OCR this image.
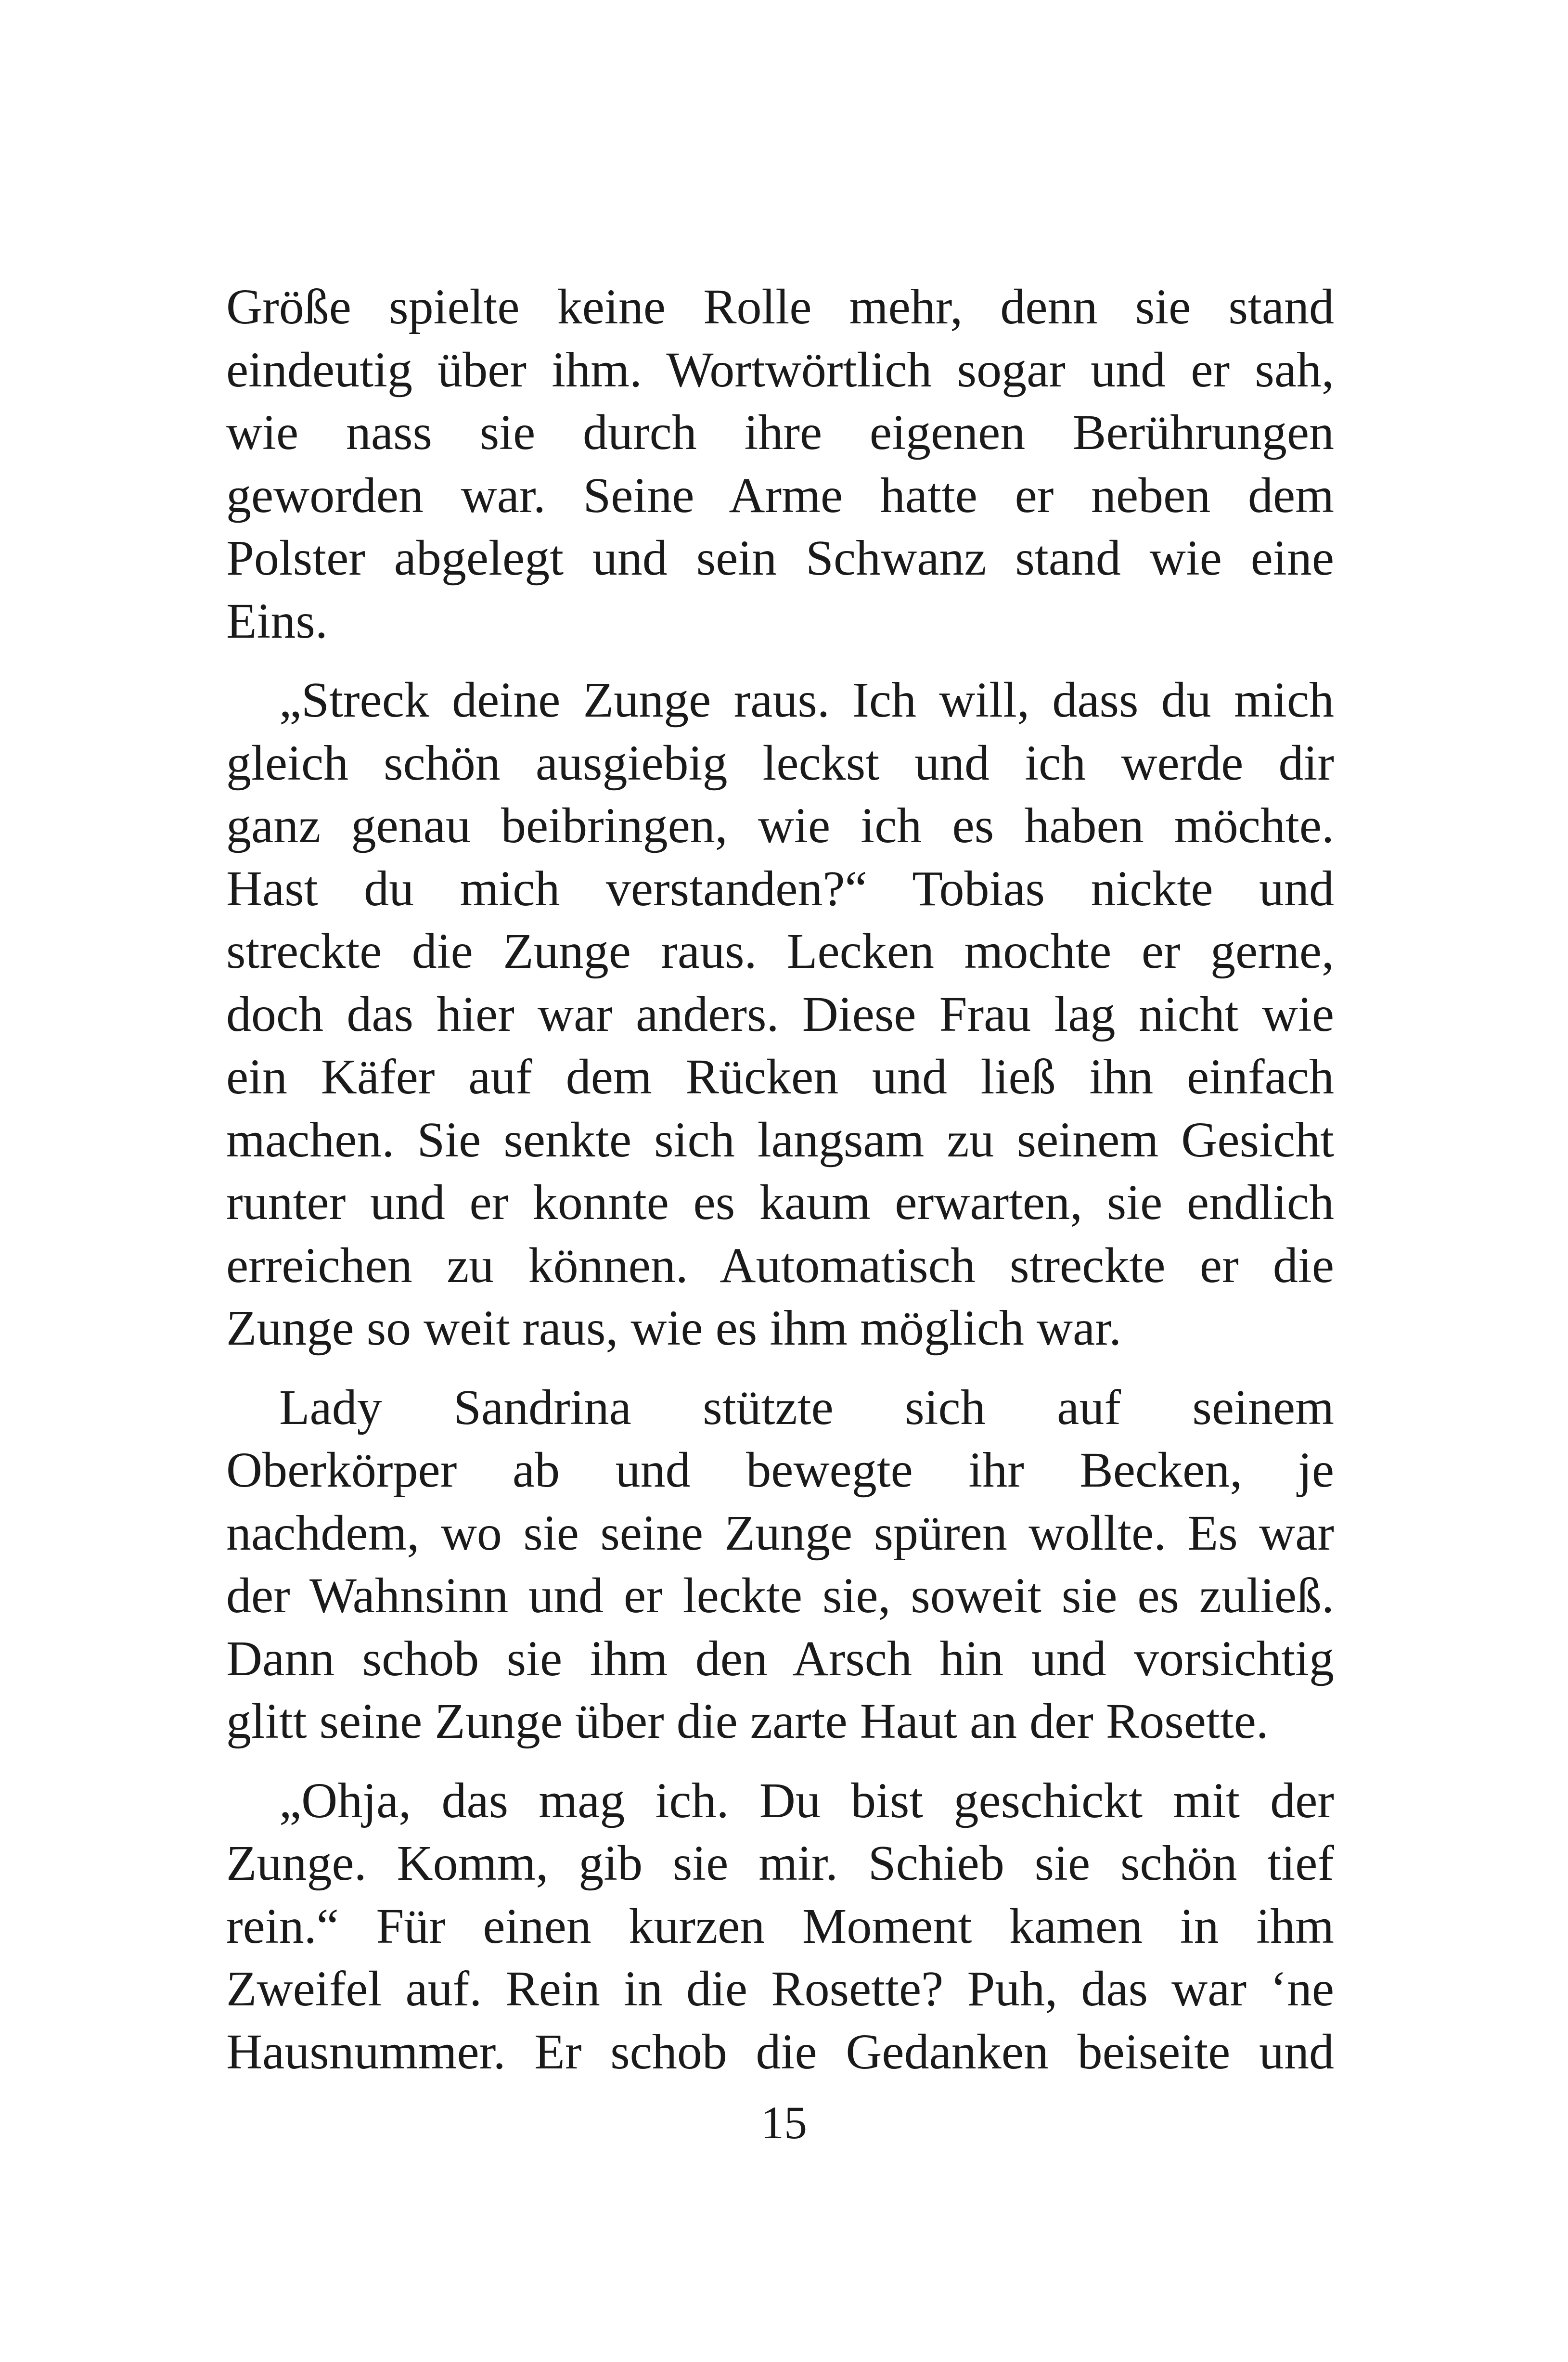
Größe spielte keine Rolle mehr, denn sie stand
eindeutig über ihm. Wortwörtlich sogar und er sah,
wie nass sie durch ihre eigenen Berührungen
geworden war. Seine Arme hatte er neben dem
Polster abgelegt und sein Schwanz stand wie eine
Eins.
„Streck deine Zunge raus. Ich will, dass du mich
gleich schön ausgiebig leckst und ich werde dir
ganz genau beibringen, wie ich es haben möchte.
Hast du mich verstanden?“ Tobias nickte und
streckte die Zunge raus. Lecken mochte er gerne,
doch das hier war anders. Diese Frau lag nicht wie
ein Käfer auf dem Rücken und ließ ihn einfach
machen. Sie senkte sich langsam zu seinem Gesicht
runter und er konnte es kaum erwarten, sie endlich
erreichen zu können. Automatisch streckte er die
Zunge so weit raus, wie es ihm möglich war.
Lady Sandrina stützte sich auf seinem
Oberkörper ab und bewegte ihr Becken, je
nachdem, wo sie seine Zunge spüren wollte. Es war
der Wahnsinn und er leckte sie, soweit sie es zuließ.
Dann schob sie ihm den Arsch hin und vorsichtig
glitt seine Zunge über die zarte Haut an der Rosette.
„Ohja, das mag ich. Du bist geschickt mit der
Zunge. Komm, gib sie mir. Schieb sie schön tief
rein.“ Für einen kurzen Moment kamen in ihm
Zweifel auf. Rein in die Rosette? Puh, das war ‘ne
Hausnummer. Er schob die Gedanken beiseite und
15
